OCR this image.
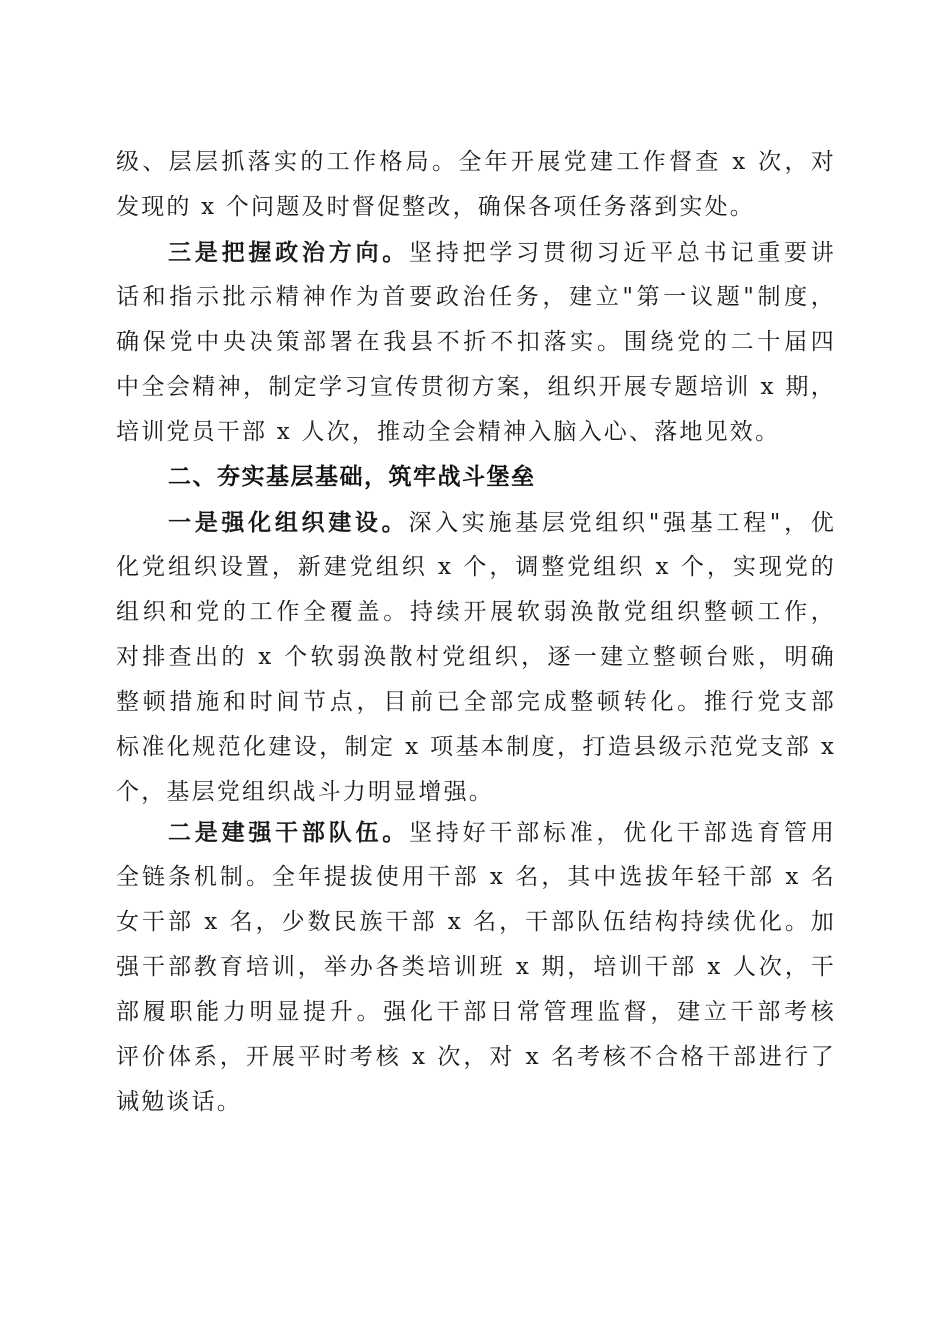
级、层层抓落实的工作格局。全年开展党建工作督查 x 次，对
发现的 x 个问题及时督促整改，确保各项任务落到实处。
三是把握政治方向。坚持把学习贯彻习近平总书记重要讲
话和指示批示精神作为首要政治任务，建立"第一议题"制度，
确保党中央决策部署在我县不折不扣落实。围绕党的二十届四
中全会精神，制定学习宣传贯彻方案，组织开展专题培训 x 期，
培训党员干部 x 人次，推动全会精神入脑入心、落地见效。
二、夯实基层基础，筑牢战斗堡垒
一是强化组织建设。深入实施基层党组织"强基工程"，优
化党组织设置，新建党组织 x 个，调整党组织 x 个，实现党的
组织和党的工作全覆盖。持续开展软弱涣散党组织整顿工作，
对排查出的 x 个软弱涣散村党组织，逐一建立整顿台账，明确
整顿措施和时间节点，目前已全部完成整顿转化。推行党支部
标准化规范化建设，制定 x 项基本制度，打造县级示范党支部 x
个，基层党组织战斗力明显增强。
二是建强干部队伍。坚持好干部标准，优化干部选育管用
全链条机制。全年提拔使用干部 x 名，其中选拔年轻干部 x 名
女干部 x 名，少数民族干部 x 名，干部队伍结构持续优化。加
强干部教育培训，举办各类培训班 x 期，培训干部 x 人次，干
部履职能力明显提升。强化干部日常管理监督，建立干部考核
评价体系，开展平时考核 x 次，对 x 名考核不合格干部进行了
诫勉谈话。
